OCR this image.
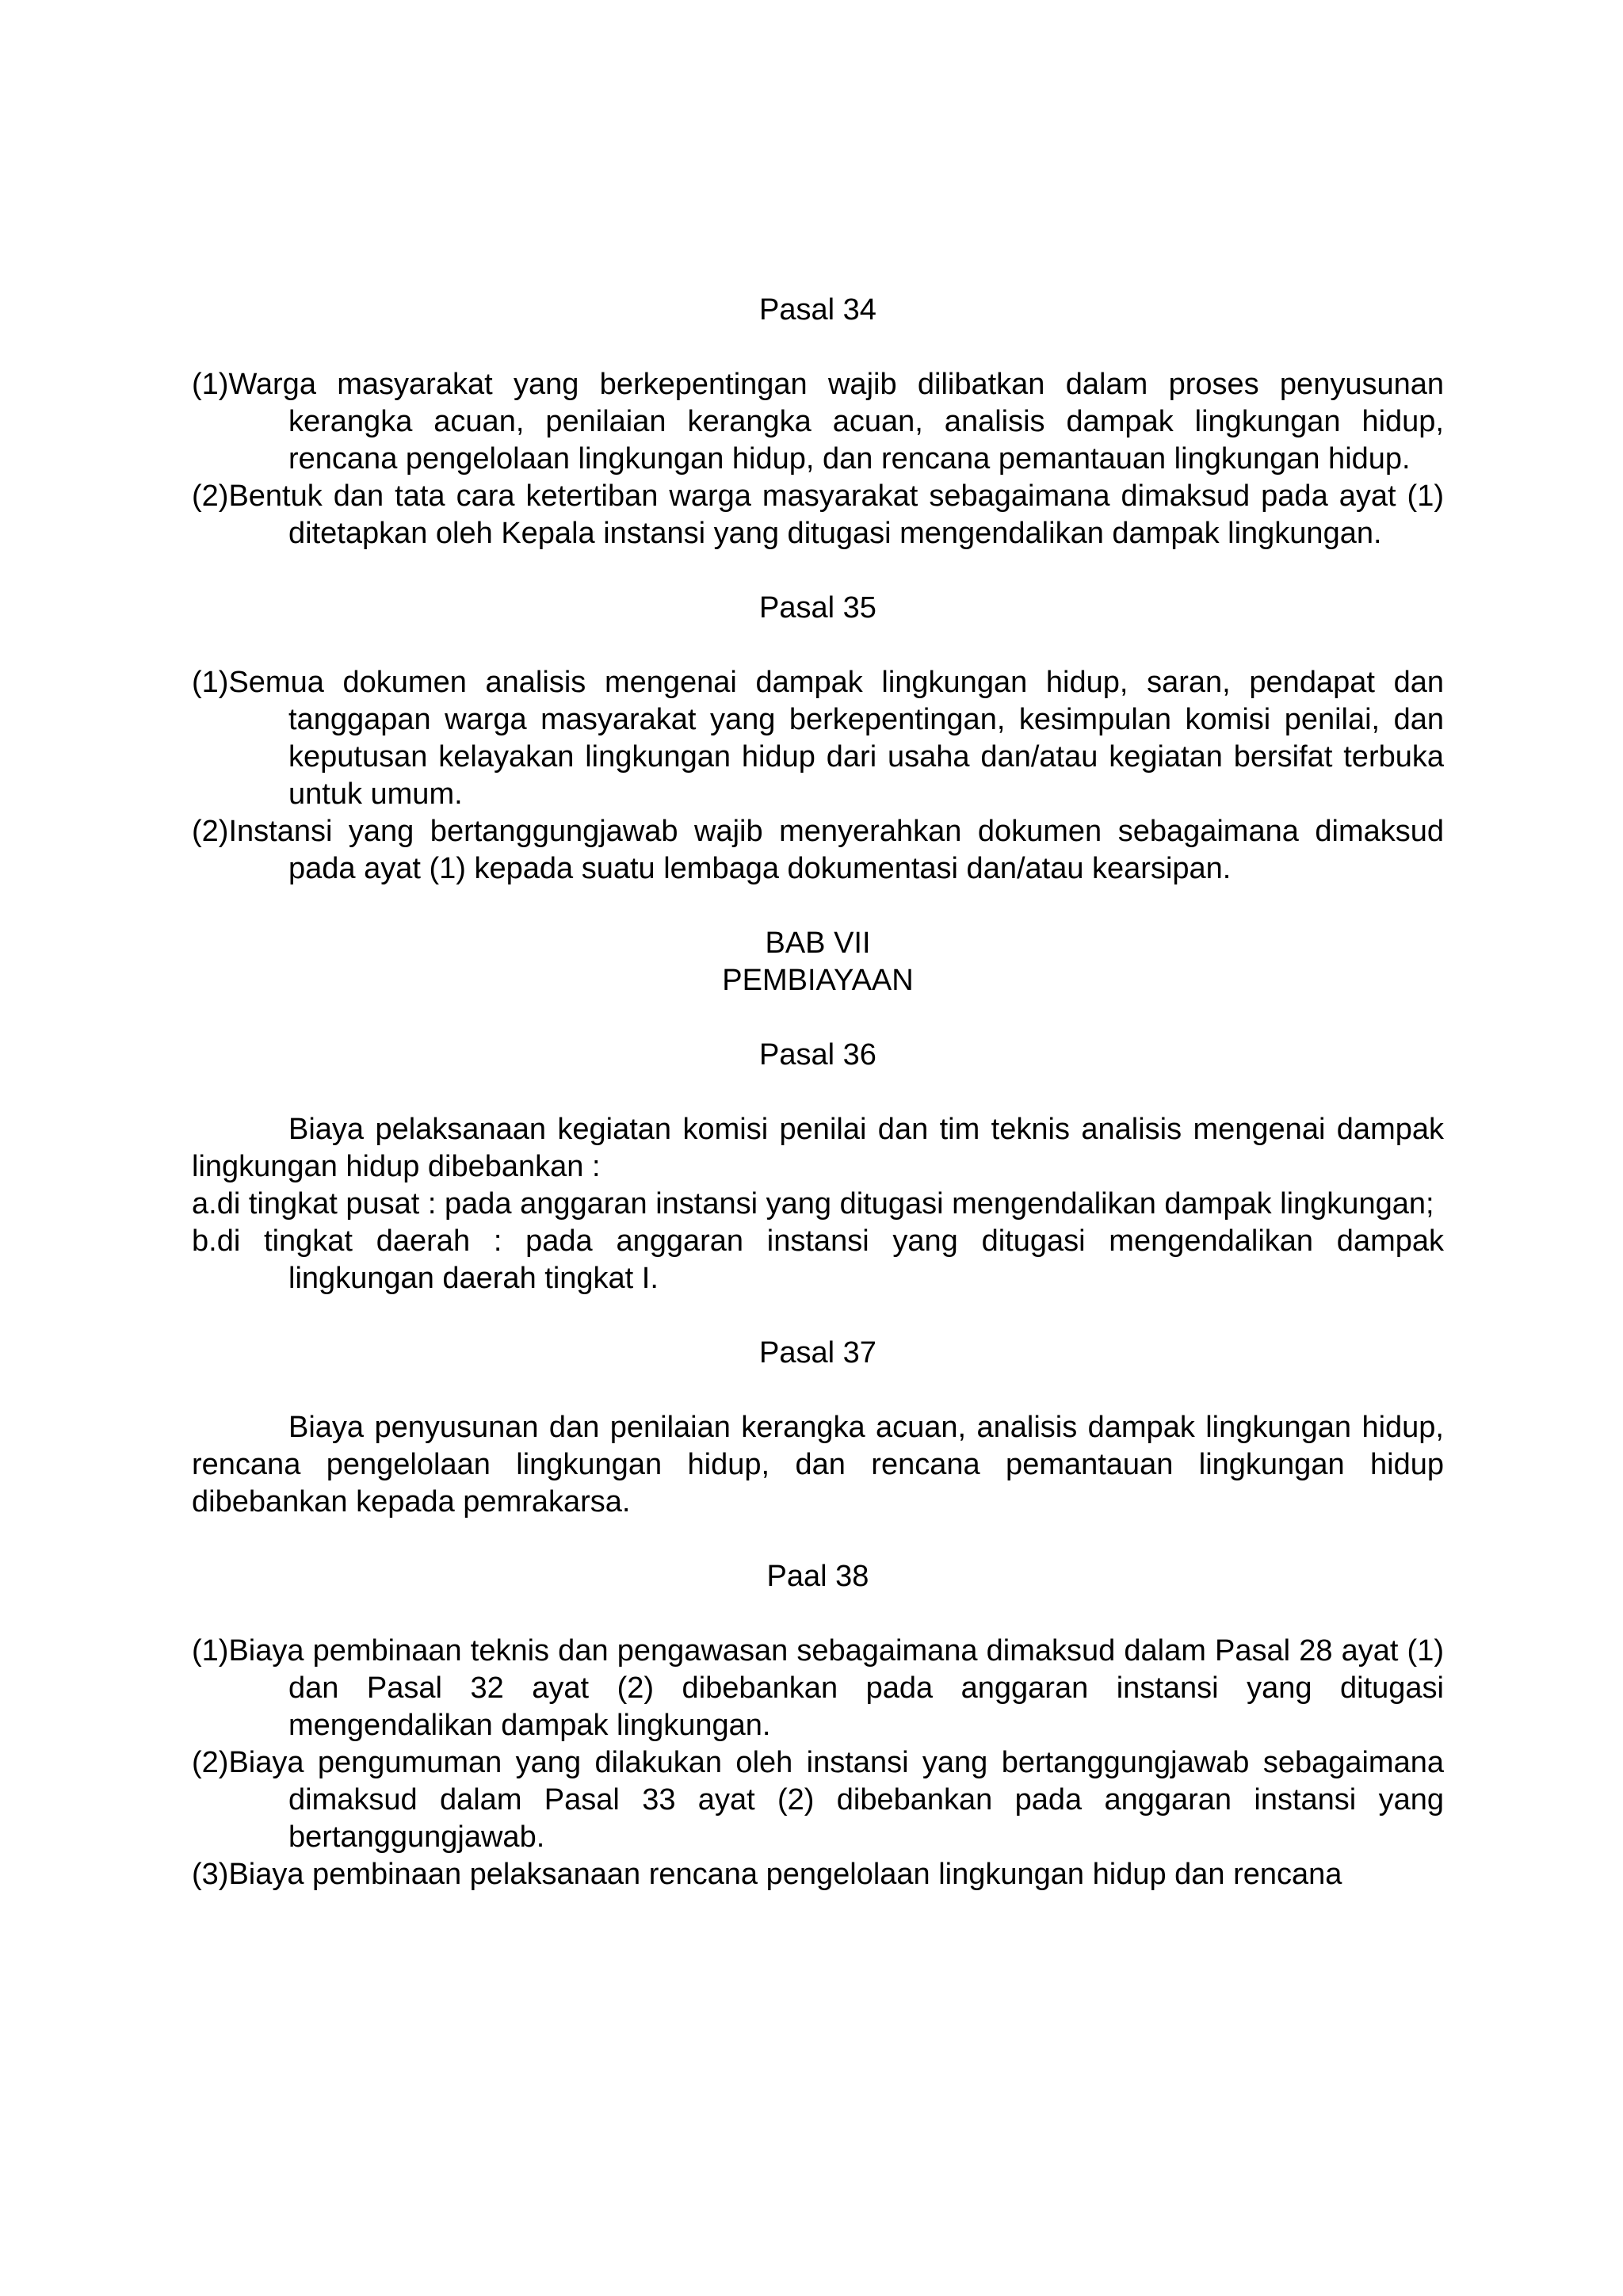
Pasal 34

(1)Warga masyarakat yang berkepentingan wajib dilibatkan dalam proses penyusunan kerangka acuan, penilaian kerangka acuan, analisis dampak lingkungan hidup, rencana pengelolaan lingkungan hidup, dan rencana pemantauan lingkungan hidup.

(2)Bentuk dan tata cara ketertiban warga masyarakat sebagaimana dimaksud pada ayat (1) ditetapkan oleh Kepala instansi yang ditugasi mengendalikan dampak lingkungan.

Pasal 35

(1)Semua dokumen analisis mengenai dampak lingkungan hidup, saran, pendapat dan tanggapan warga masyarakat yang berkepentingan, kesimpulan komisi penilai, dan keputusan kelayakan lingkungan hidup dari usaha dan/atau kegiatan bersifat terbuka untuk umum.

(2)Instansi yang bertanggungjawab wajib menyerahkan dokumen sebagaimana dimaksud pada ayat (1) kepada suatu lembaga dokumentasi dan/atau kearsipan.

BAB VII

PEMBIAYAAN

Pasal 36

Biaya pelaksanaan kegiatan komisi penilai dan tim teknis analisis mengenai dampak lingkungan hidup dibebankan :

a.di tingkat pusat : pada anggaran instansi yang ditugasi mengendalikan dampak lingkungan;

b.di tingkat daerah : pada anggaran instansi yang ditugasi mengendalikan dampak lingkungan daerah tingkat I.

Pasal 37

Biaya penyusunan dan penilaian kerangka acuan, analisis dampak lingkungan hidup, rencana pengelolaan lingkungan hidup, dan rencana pemantauan lingkungan hidup dibebankan kepada pemrakarsa.

Paal 38

(1)Biaya pembinaan teknis dan pengawasan sebagaimana dimaksud dalam Pasal 28 ayat (1) dan Pasal 32 ayat (2) dibebankan pada anggaran instansi yang ditugasi mengendalikan dampak lingkungan.

(2)Biaya pengumuman yang dilakukan oleh instansi yang bertanggungjawab sebagaimana dimaksud dalam Pasal 33 ayat (2) dibebankan pada anggaran instansi yang bertanggungjawab.

(3)Biaya pembinaan pelaksanaan rencana pengelolaan lingkungan hidup dan rencana
